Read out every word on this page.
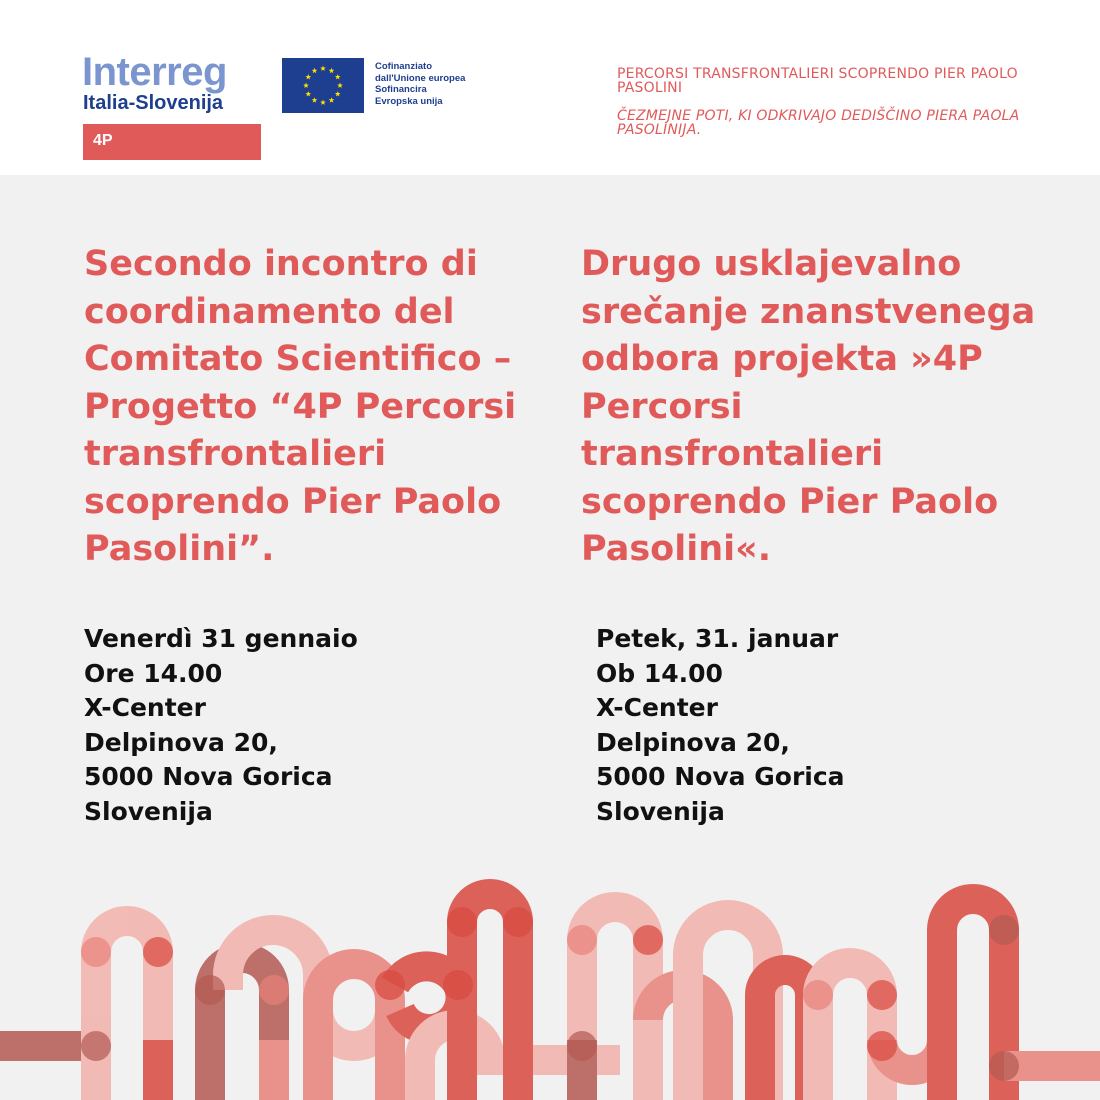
Interreg
Italia-Slovenija
4P
Cofinanziato
dall'Unione europea
Sofinancira
Evropska unija
PERCORSI TRANSFRONTALIERI SCOPRENDO PIER PAOLO PASOLINI
ČEZMEJNE POTI, KI ODKRIVAJO DEDIŠČINO PIERA PAOLA PASOLINIJA.
Secondo incontro di coordinamento del Comitato Scientifico – Progetto “4P Percorsi transfrontalieri scoprendo Pier Paolo Pasolini”.
Drugo usklajevalno srečanje znanstvenega odbora projekta »4P Percorsi transfrontalieri scoprendo Pier Paolo Pasolini«.
Venerdì 31 gennaio
Ore 14.00
X-Center
Delpinova 20,
5000 Nova Gorica
Slovenija
Petek, 31. januar
Ob 14.00
X-Center
Delpinova 20,
5000 Nova Gorica
Slovenija
